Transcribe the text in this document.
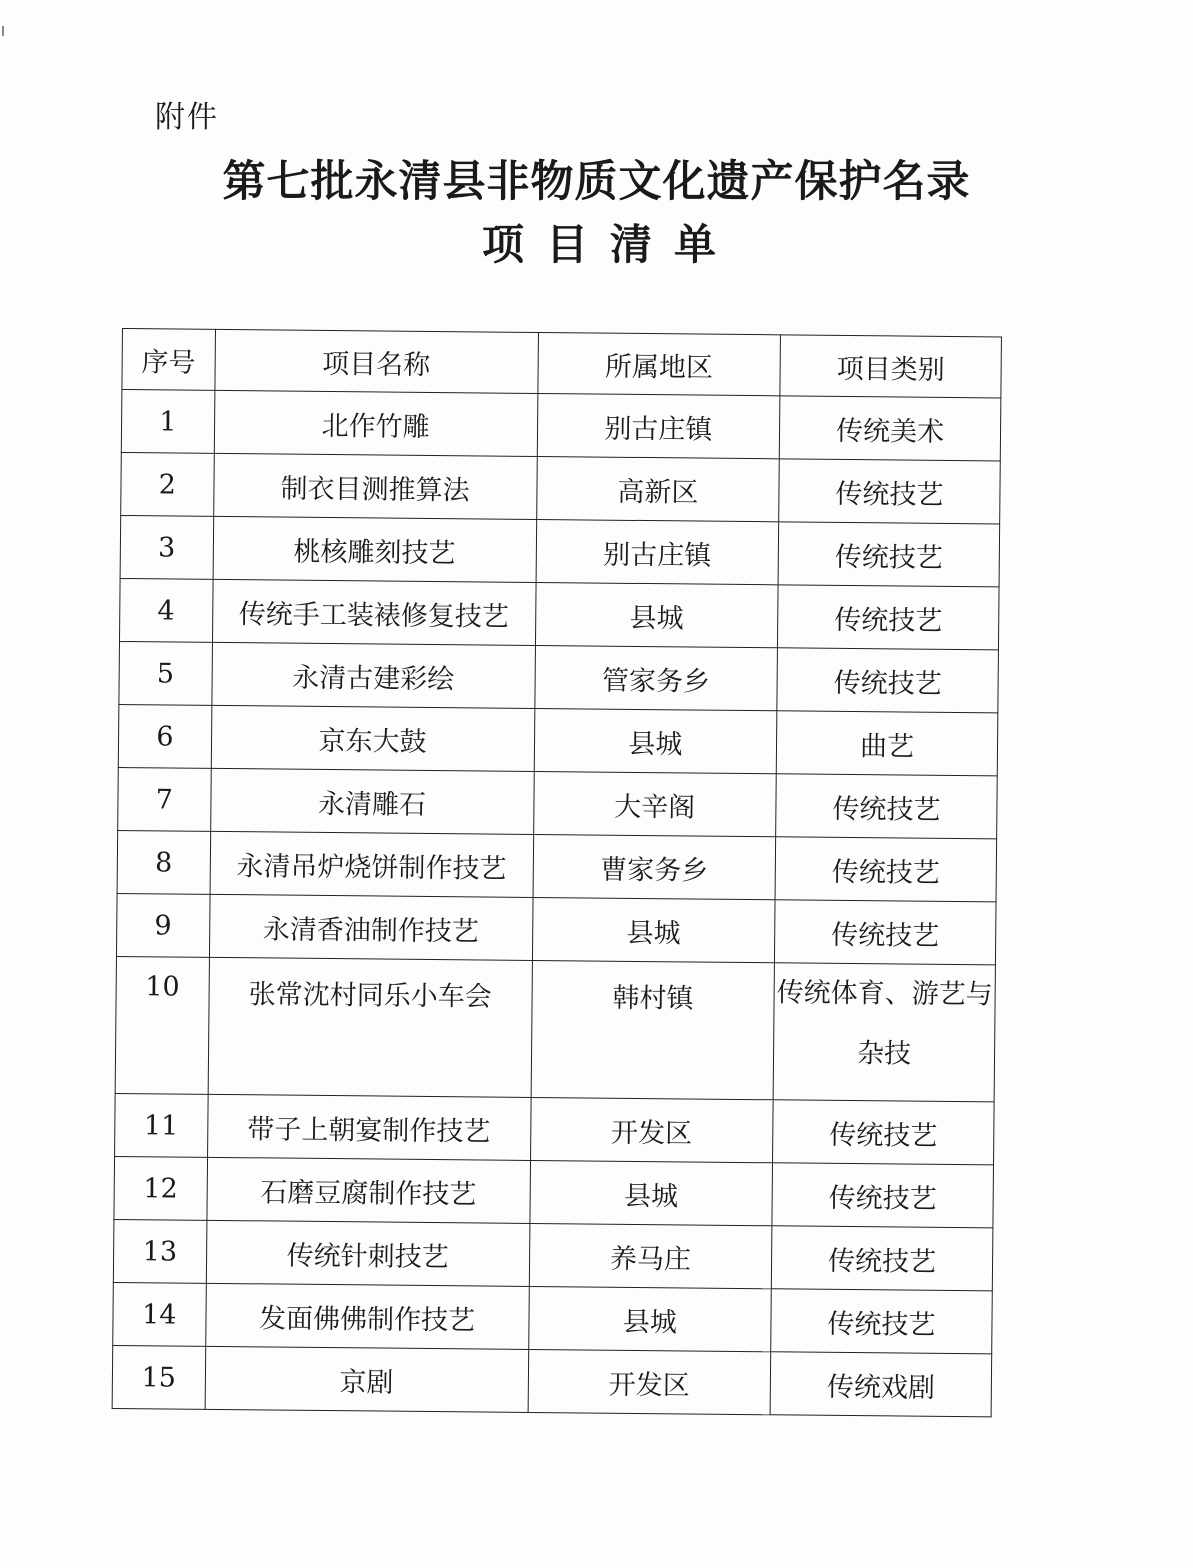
附件
第七批永清县非物质文化遗产保护名录
项目清单
序号	项目名称	所属地区	项目类别
1	北作竹雕	别古庄镇	传统美术
2	制衣目测推算法	高新区	传统技艺
3	桃核雕刻技艺	别古庄镇	传统技艺
4	传统手工装裱修复技艺	县城	传统技艺
5	永清古建彩绘	管家务乡	传统技艺
6	京东大鼓	县城	曲艺
7	永清雕石	大辛阁	传统技艺
8	永清吊炉烧饼制作技艺	曹家务乡	传统技艺
9	永清香油制作技艺	县城	传统技艺
10	张常沈村同乐小车会	韩村镇	传统体育、游艺与杂技
11	带子上朝宴制作技艺	开发区	传统技艺
12	石磨豆腐制作技艺	县城	传统技艺
13	传统针刺技艺	养马庄	传统技艺
14	发面佛佛制作技艺	县城	传统技艺
15	京剧	开发区	传统戏剧
